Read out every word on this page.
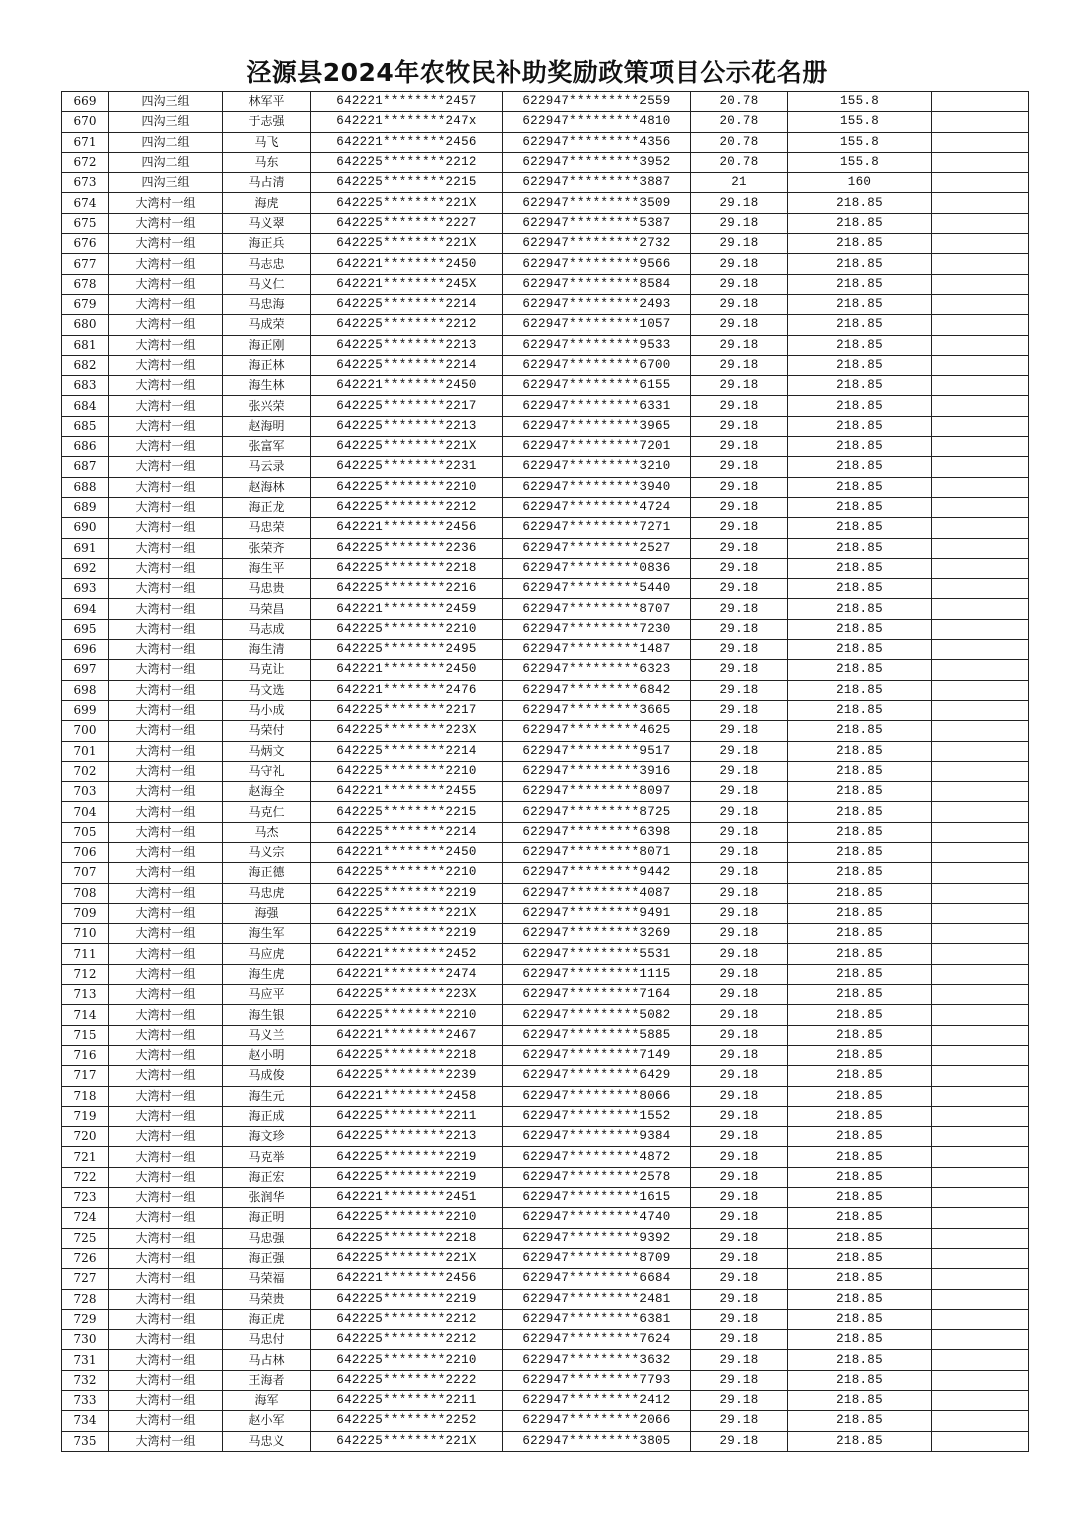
泾源县2024年农牧民补助奖励政策项目公示花名册
669	四沟三组	林军平	642221********2457	622947*********2559	20.78	155.8	
670	四沟三组	于志强	642221********247x	622947*********4810	20.78	155.8	
671	四沟二组	马飞	642221********2456	622947*********4356	20.78	155.8	
672	四沟二组	马东	642225********2212	622947*********3952	20.78	155.8	
673	四沟三组	马占清	642225********2215	622947*********3887	21	160	
674	大湾村一组	海虎	642225********221X	622947*********3509	29.18	218.85	
675	大湾村一组	马义翠	642225********2227	622947*********5387	29.18	218.85	
676	大湾村一组	海正兵	642225********221X	622947*********2732	29.18	218.85	
677	大湾村一组	马志忠	642221********2450	622947*********9566	29.18	218.85	
678	大湾村一组	马义仁	642221********245X	622947*********8584	29.18	218.85	
679	大湾村一组	马忠海	642225********2214	622947*********2493	29.18	218.85	
680	大湾村一组	马成荣	642225********2212	622947*********1057	29.18	218.85	
681	大湾村一组	海正刚	642225********2213	622947*********9533	29.18	218.85	
682	大湾村一组	海正林	642225********2214	622947*********6700	29.18	218.85	
683	大湾村一组	海生林	642221********2450	622947*********6155	29.18	218.85	
684	大湾村一组	张兴荣	642225********2217	622947*********6331	29.18	218.85	
685	大湾村一组	赵海明	642225********2213	622947*********3965	29.18	218.85	
686	大湾村一组	张富军	642225********221X	622947*********7201	29.18	218.85	
687	大湾村一组	马云录	642225********2231	622947*********3210	29.18	218.85	
688	大湾村一组	赵海林	642225********2210	622947*********3940	29.18	218.85	
689	大湾村一组	海正龙	642225********2212	622947*********4724	29.18	218.85	
690	大湾村一组	马忠荣	642221********2456	622947*********7271	29.18	218.85	
691	大湾村一组	张荣齐	642225********2236	622947*********2527	29.18	218.85	
692	大湾村一组	海生平	642225********2218	622947*********0836	29.18	218.85	
693	大湾村一组	马忠贵	642225********2216	622947*********5440	29.18	218.85	
694	大湾村一组	马荣昌	642221********2459	622947*********8707	29.18	218.85	
695	大湾村一组	马志成	642225********2210	622947*********7230	29.18	218.85	
696	大湾村一组	海生清	642225********2495	622947*********1487	29.18	218.85	
697	大湾村一组	马克让	642221********2450	622947*********6323	29.18	218.85	
698	大湾村一组	马文选	642221********2476	622947*********6842	29.18	218.85	
699	大湾村一组	马小成	642225********2217	622947*********3665	29.18	218.85	
700	大湾村一组	马荣付	642225********223X	622947*********4625	29.18	218.85	
701	大湾村一组	马炳文	642225********2214	622947*********9517	29.18	218.85	
702	大湾村一组	马守礼	642225********2210	622947*********3916	29.18	218.85	
703	大湾村一组	赵海全	642221********2455	622947*********8097	29.18	218.85	
704	大湾村一组	马克仁	642225********2215	622947*********8725	29.18	218.85	
705	大湾村一组	马杰	642225********2214	622947*********6398	29.18	218.85	
706	大湾村一组	马义宗	642221********2450	622947*********8071	29.18	218.85	
707	大湾村一组	海正德	642225********2210	622947*********9442	29.18	218.85	
708	大湾村一组	马忠虎	642225********2219	622947*********4087	29.18	218.85	
709	大湾村一组	海强	642225********221X	622947*********9491	29.18	218.85	
710	大湾村一组	海生军	642225********2219	622947*********3269	29.18	218.85	
711	大湾村一组	马应虎	642221********2452	622947*********5531	29.18	218.85	
712	大湾村一组	海生虎	642221********2474	622947*********1115	29.18	218.85	
713	大湾村一组	马应平	642225********223X	622947*********7164	29.18	218.85	
714	大湾村一组	海生银	642225********2210	622947*********5082	29.18	218.85	
715	大湾村一组	马义兰	642221********2467	622947*********5885	29.18	218.85	
716	大湾村一组	赵小明	642225********2218	622947*********7149	29.18	218.85	
717	大湾村一组	马成俊	642225********2239	622947*********6429	29.18	218.85	
718	大湾村一组	海生元	642221********2458	622947*********8066	29.18	218.85	
719	大湾村一组	海正成	642225********2211	622947*********1552	29.18	218.85	
720	大湾村一组	海文珍	642225********2213	622947*********9384	29.18	218.85	
721	大湾村一组	马克举	642225********2219	622947*********4872	29.18	218.85	
722	大湾村一组	海正宏	642225********2219	622947*********2578	29.18	218.85	
723	大湾村一组	张润华	642221********2451	622947*********1615	29.18	218.85	
724	大湾村一组	海正明	642225********2210	622947*********4740	29.18	218.85	
725	大湾村一组	马忠强	642225********2218	622947*********9392	29.18	218.85	
726	大湾村一组	海正强	642225********221X	622947*********8709	29.18	218.85	
727	大湾村一组	马荣福	642221********2456	622947*********6684	29.18	218.85	
728	大湾村一组	马荣贵	642225********2219	622947*********2481	29.18	218.85	
729	大湾村一组	海正虎	642225********2212	622947*********6381	29.18	218.85	
730	大湾村一组	马忠付	642225********2212	622947*********7624	29.18	218.85	
731	大湾村一组	马占林	642225********2210	622947*********3632	29.18	218.85	
732	大湾村一组	王海者	642225********2222	622947*********7793	29.18	218.85	
733	大湾村一组	海军	642225********2211	622947*********2412	29.18	218.85	
734	大湾村一组	赵小军	642225********2252	622947*********2066	29.18	218.85	
735	大湾村一组	马忠义	642225********221X	622947*********3805	29.18	218.85	
